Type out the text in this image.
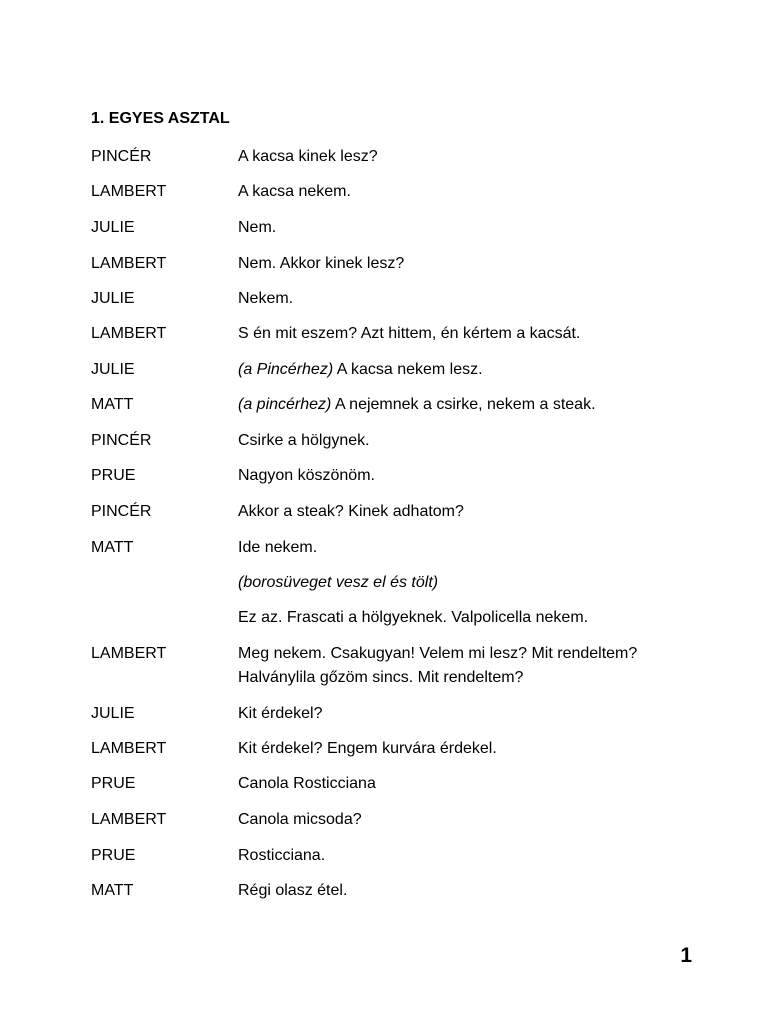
1. EGYES ASZTAL
PINCÉR	A kacsa kinek lesz?
LAMBERT	A kacsa nekem.
JULIE	Nem.
LAMBERT	Nem. Akkor kinek lesz?
JULIE	Nekem.
LAMBERT	S én mit eszem? Azt hittem, én kértem a kacsát.
JULIE	(a Pincérhez) A kacsa nekem lesz.
MATT	(a pincérhez) A nejemnek a csirke, nekem a steak.
PINCÉR	Csirke a hölgynek.
PRUE	Nagyon köszönöm.
PINCÉR	Akkor a steak? Kinek adhatom?
MATT	Ide nekem.
(borosüveget vesz el és tölt)
Ez az. Frascati a hölgyeknek. Valpolicella nekem.
LAMBERT	Meg nekem. Csakugyan! Velem mi lesz? Mit rendeltem?
Halványlila gőzöm sincs. Mit rendeltem?
JULIE	Kit érdekel?
LAMBERT	Kit érdekel? Engem kurvára érdekel.
PRUE	Canola Rosticciana
LAMBERT	Canola micsoda?
PRUE	Rosticciana.
MATT	Régi olasz étel.
1
